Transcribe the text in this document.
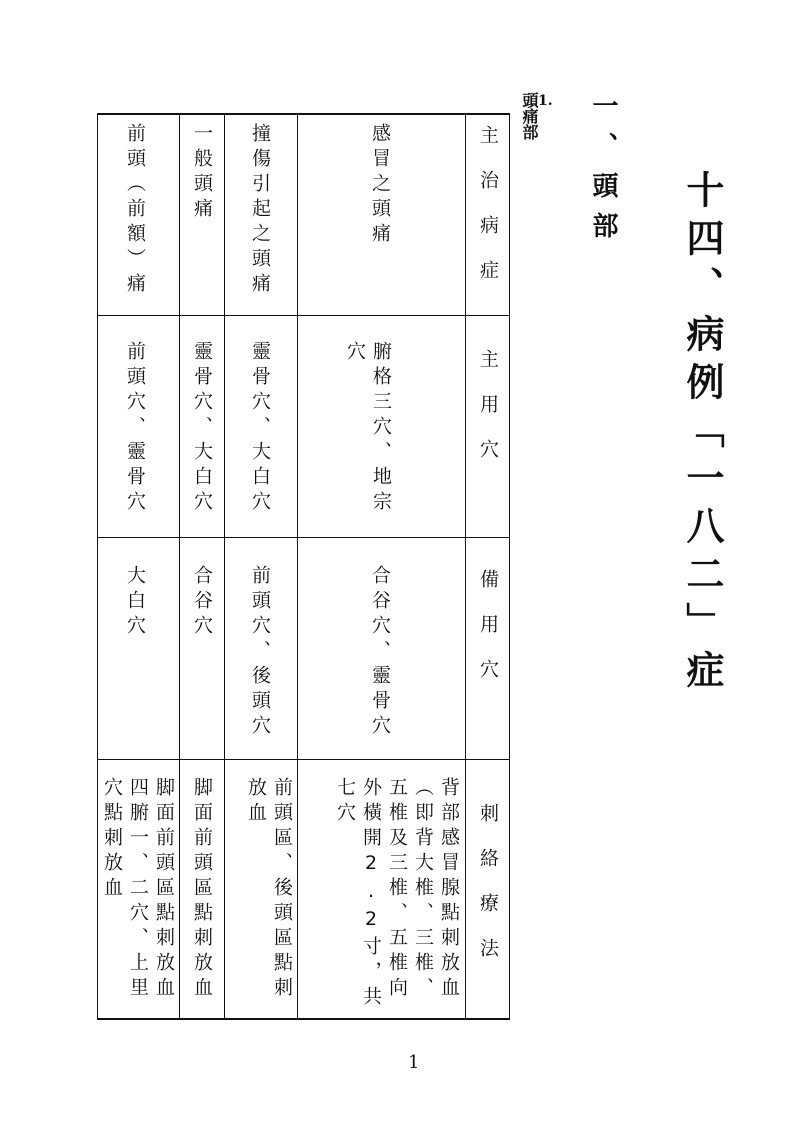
十四、病例「一八二」症
一、頭部
1.
頭痛部
主治病症
主用穴
備用穴
刺絡療法
感冒之頭痛
腑格三穴、地宗穴
合谷穴、靈骨穴
背部感冒腺點刺放血（即背大椎、三椎、五椎及三椎、五椎向外橫開2.2寸，共七穴
撞傷引起之頭痛
靈骨穴、大白穴
前頭穴、後頭穴
前頭區、後頭區點刺放血
一般頭痛
靈骨穴、大白穴
合谷穴
脚面前頭區點刺放血
前頭（前額）痛
前頭穴、靈骨穴
大白穴
脚面前頭區點刺放血四腑一、二穴、上里穴點刺放血
1
